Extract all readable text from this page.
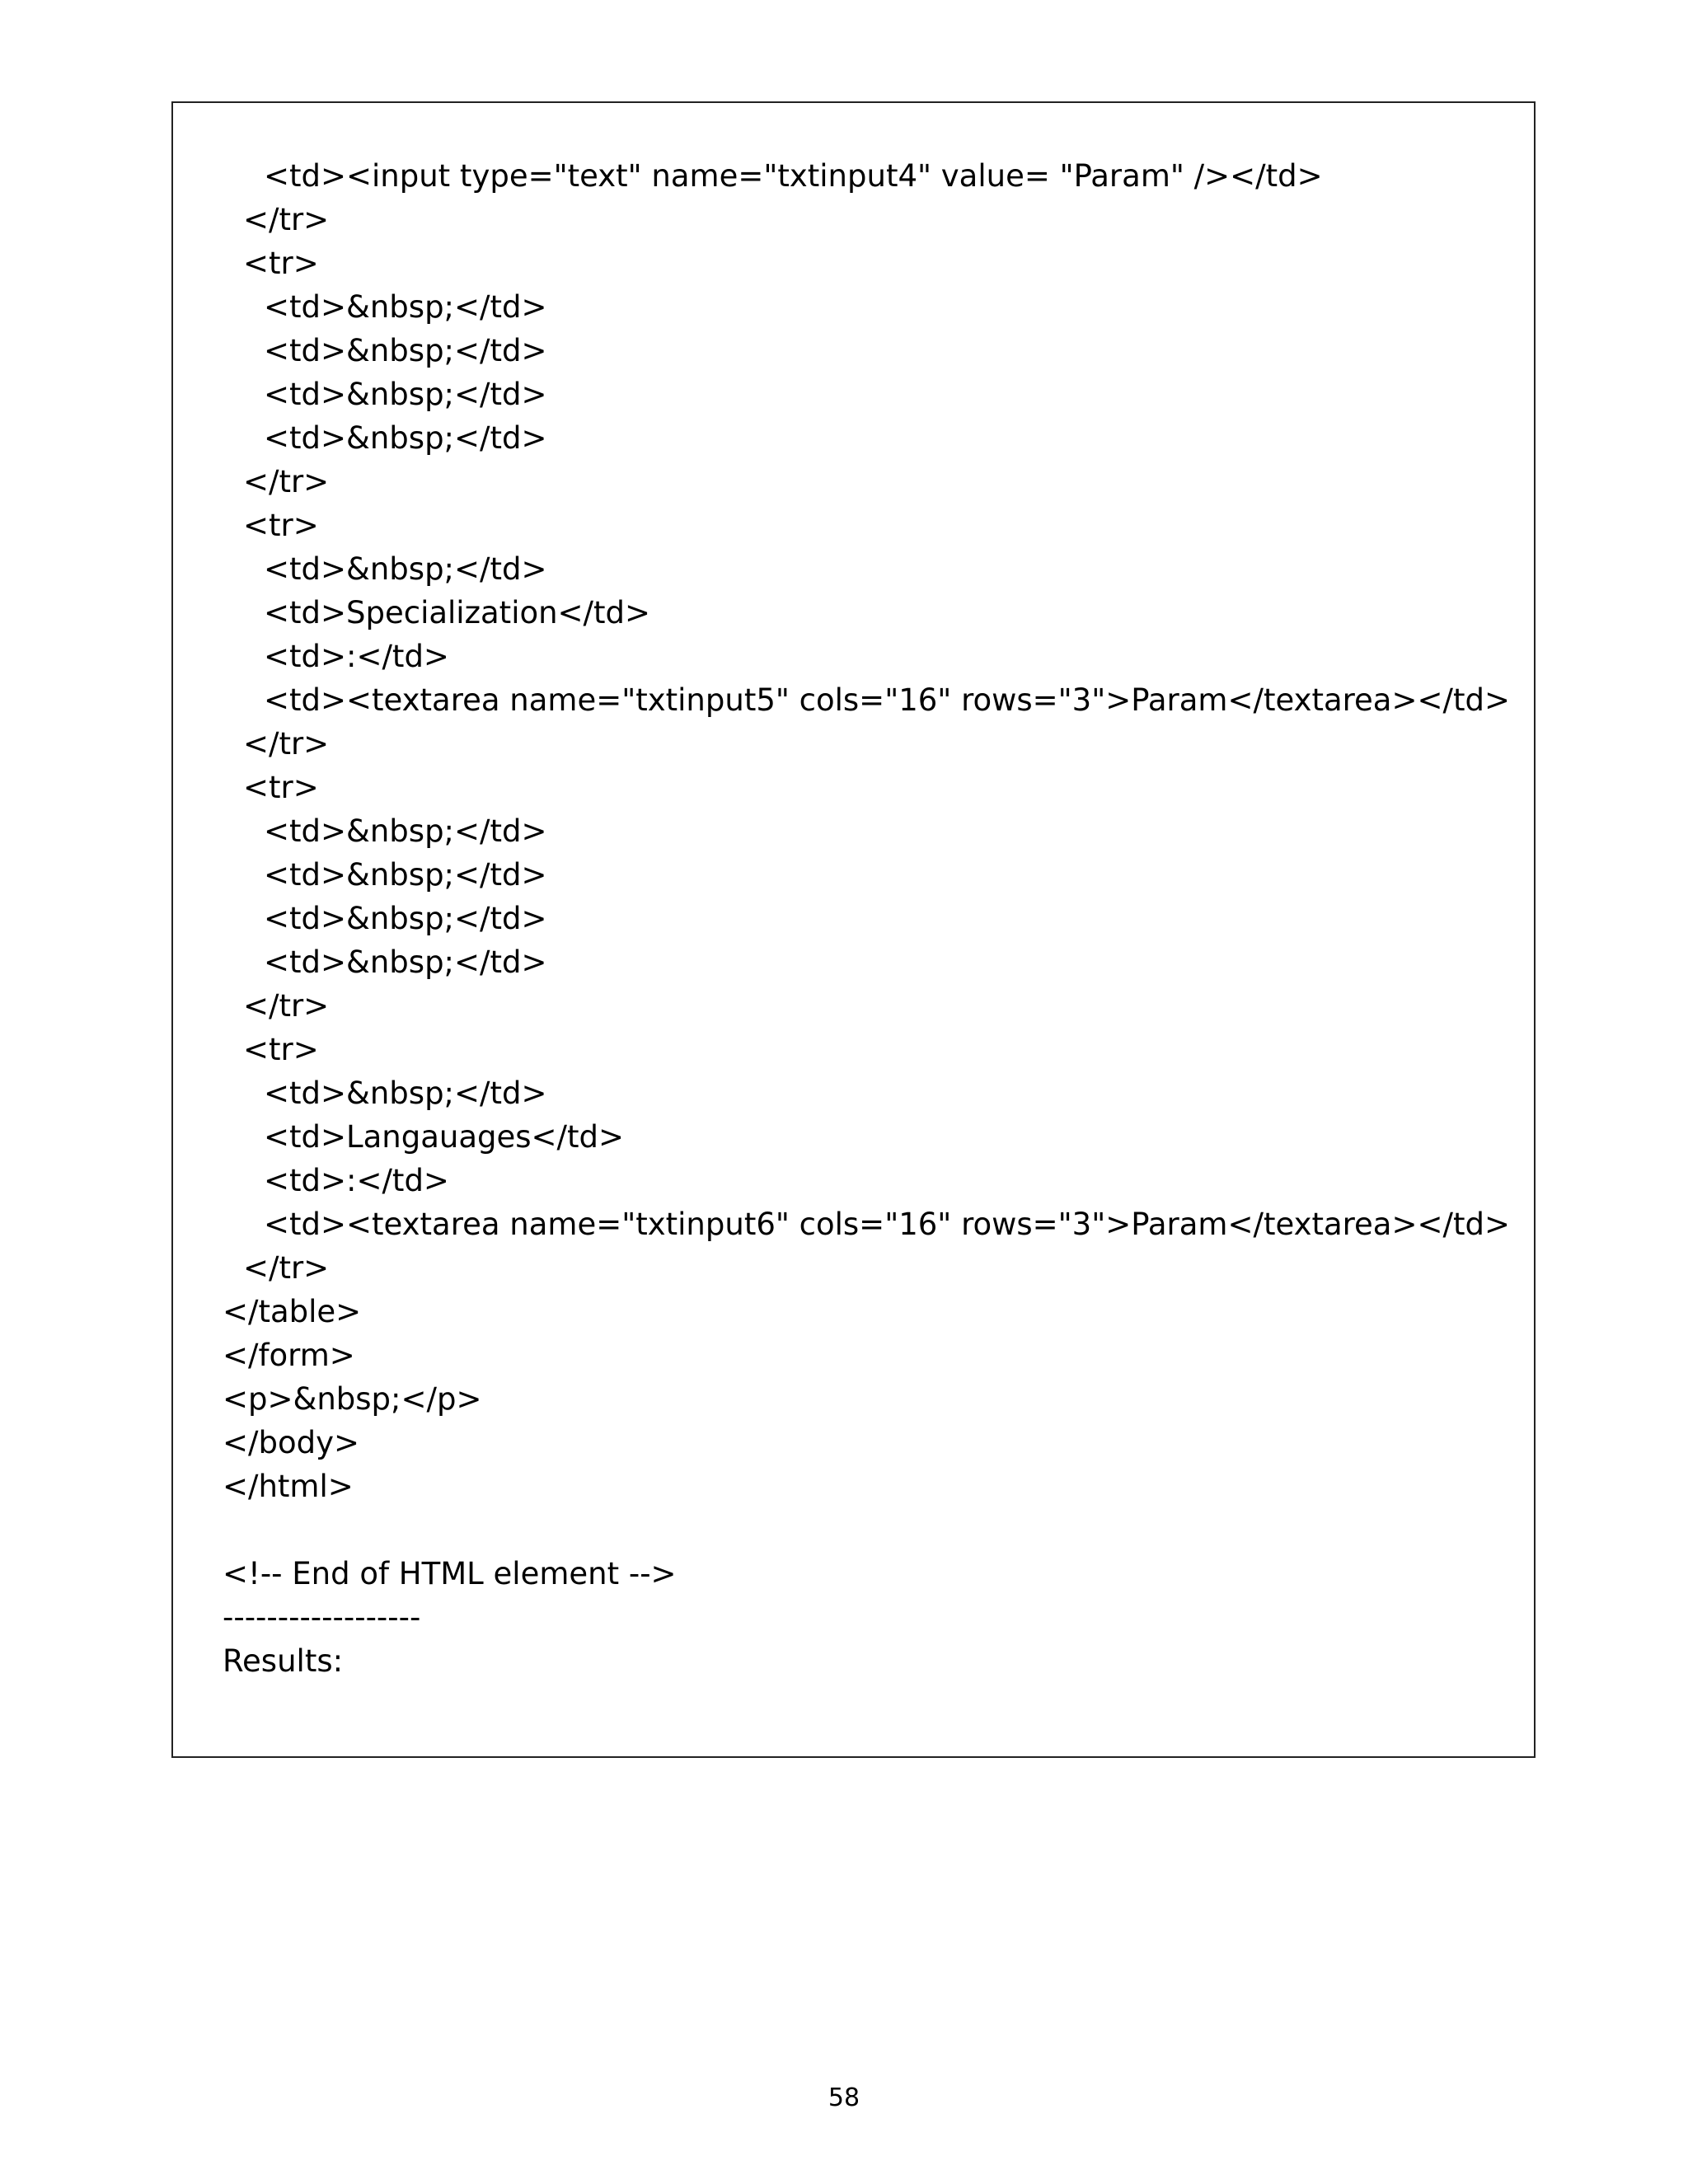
<td><input type="text" name="txtinput4" value= "Param" /></td>
</tr>
<tr>
<td>&nbsp;</td>
<td>&nbsp;</td>
<td>&nbsp;</td>
<td>&nbsp;</td>
</tr>
<tr>
<td>&nbsp;</td>
<td>Specialization</td>
<td>:</td>
<td><textarea name="txtinput5" cols="16" rows="3">Param</textarea></td>
</tr>
<tr>
<td>&nbsp;</td>
<td>&nbsp;</td>
<td>&nbsp;</td>
<td>&nbsp;</td>
</tr>
<tr>
<td>&nbsp;</td>
<td>Langauages</td>
<td>:</td>
<td><textarea name="txtinput6" cols="16" rows="3">Param</textarea></td>
</tr>
</table>
</form>
<p>&nbsp;</p>
</body>
</html>
<!-- End of HTML element -->
------------------
Results:
58
